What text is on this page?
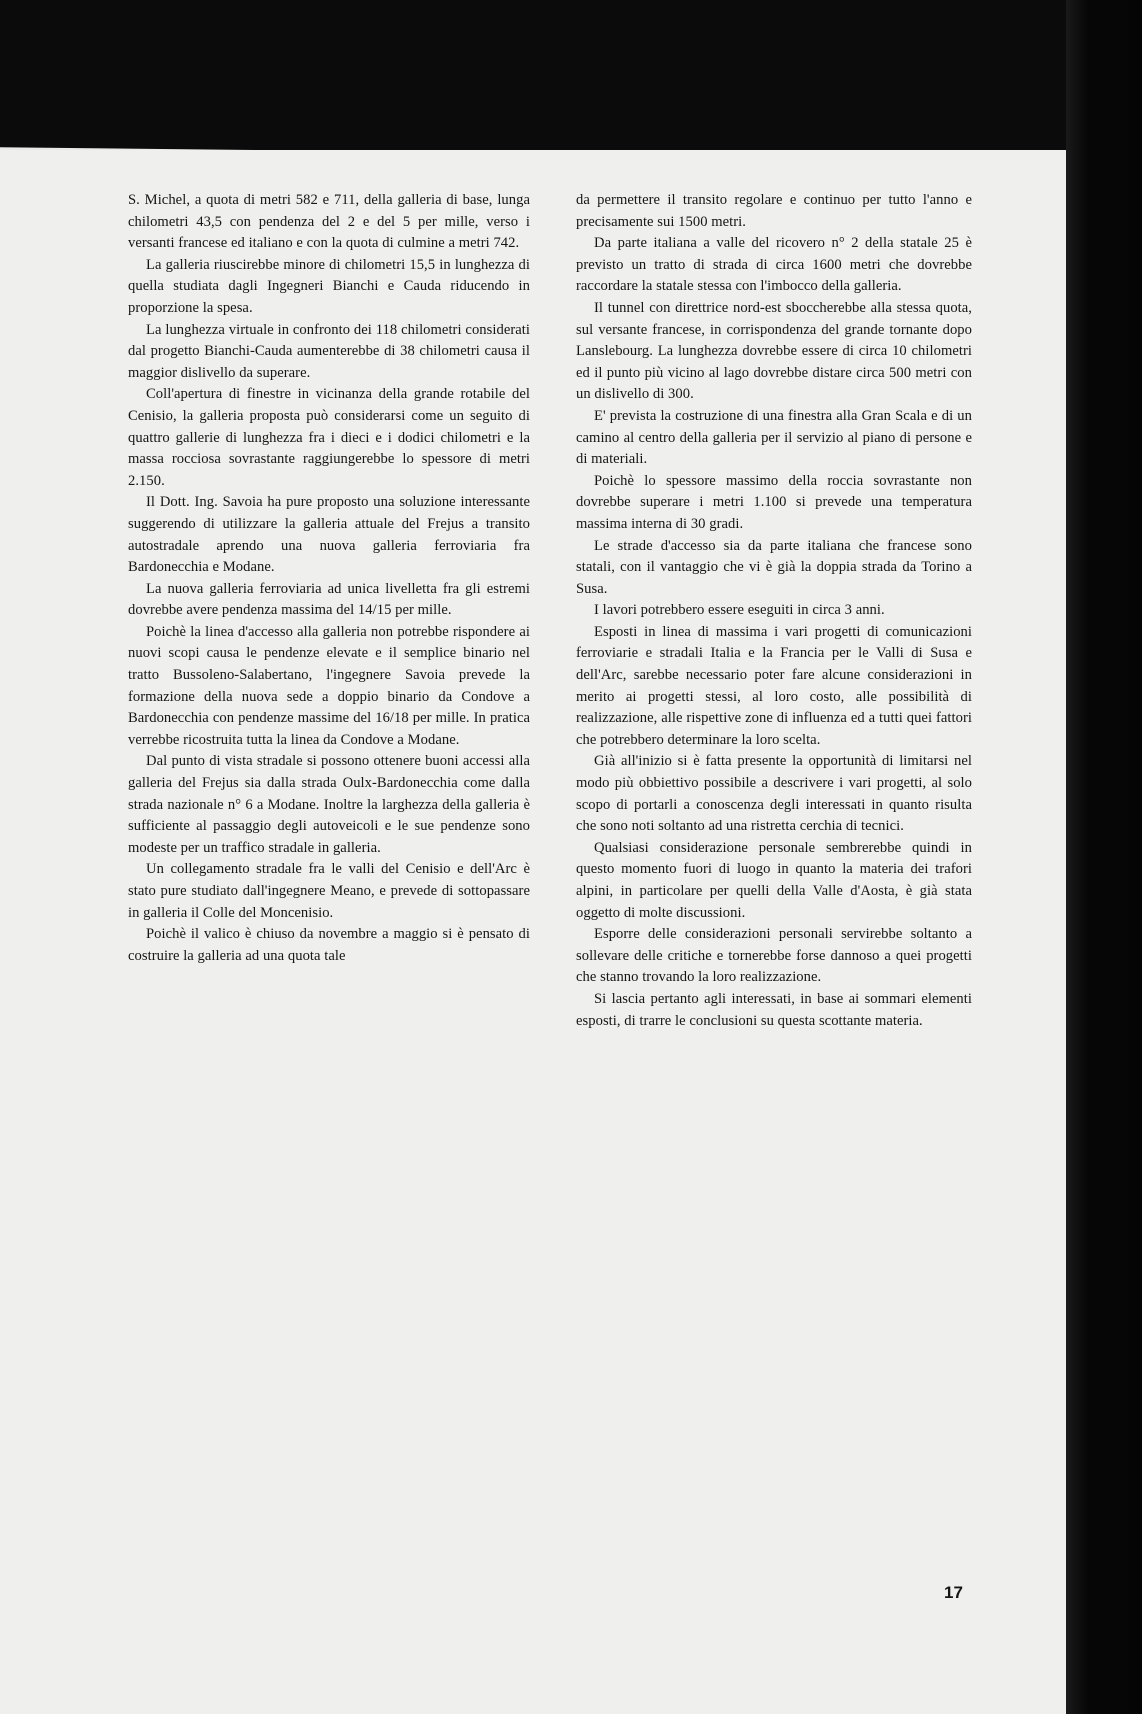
S. Michel, a quota di metri 582 e 711, della galleria di base, lunga chilometri 43,5 con pendenza del 2 e del 5 per mille, verso i versanti francese ed italiano e con la quota di culmine a metri 742.

La galleria riuscirebbe minore di chilometri 15,5 in lunghezza di quella studiata dagli Ingegneri Bianchi e Cauda riducendo in proporzione la spesa.

La lunghezza virtuale in confronto dei 118 chilometri considerati dal progetto Bianchi-Cauda aumenterebbe di 38 chilometri causa il maggior dislivello da superare.

Coll'apertura di finestre in vicinanza della grande rotabile del Cenisio, la galleria proposta può considerarsi come un seguito di quattro gallerie di lunghezza fra i dieci e i dodici chilometri e la massa rocciosa sovrastante raggiungerebbe lo spessore di metri 2.150.

Il Dott. Ing. Savoia ha pure proposto una soluzione interessante suggerendo di utilizzare la galleria attuale del Frejus a transito autostradale aprendo una nuova galleria ferroviaria fra Bardonecchia e Modane.

La nuova galleria ferroviaria ad unica livelletta fra gli estremi dovrebbe avere pendenza massima del 14/15 per mille.

Poichè la linea d'accesso alla galleria non potrebbe rispondere ai nuovi scopi causa le pendenze elevate e il semplice binario nel tratto Bussoleno-Salabertano, l'ingegnere Savoia prevede la formazione della nuova sede a doppio binario da Condove a Bardonecchia con pendenze massime del 16/18 per mille. In pratica verrebbe ricostruita tutta la linea da Condove a Modane.

Dal punto di vista stradale si possono ottenere buoni accessi alla galleria del Frejus sia dalla strada Oulx-Bardonecchia come dalla strada nazionale n° 6 a Modane. Inoltre la larghezza della galleria è sufficiente al passaggio degli autoveicoli e le sue pendenze sono modeste per un traffico stradale in galleria.

Un collegamento stradale fra le valli del Cenisio e dell'Arc è stato pure studiato dall'ingegnere Meano, e prevede di sottopassare in galleria il Colle del Moncenisio.

Poichè il valico è chiuso da novembre a maggio si è pensato di costruire la galleria ad una quota tale

da permettere il transito regolare e continuo per tutto l'anno e precisamente sui 1500 metri.

Da parte italiana a valle del ricovero n° 2 della statale 25 è previsto un tratto di strada di circa 1600 metri che dovrebbe raccordare la statale stessa con l'imbocco della galleria.

Il tunnel con direttrice nord-est sboccherebbe alla stessa quota, sul versante francese, in corrispondenza del grande tornante dopo Lanslebourg. La lunghezza dovrebbe essere di circa 10 chilometri ed il punto più vicino al lago dovrebbe distare circa 500 metri con un dislivello di 300.

E' prevista la costruzione di una finestra alla Gran Scala e di un camino al centro della galleria per il servizio al piano di persone e di materiali.

Poichè lo spessore massimo della roccia sovrastante non dovrebbe superare i metri 1.100 si prevede una temperatura massima interna di 30 gradi.

Le strade d'accesso sia da parte italiana che francese sono statali, con il vantaggio che vi è già la doppia strada da Torino a Susa.

I lavori potrebbero essere eseguiti in circa 3 anni.

Esposti in linea di massima i vari progetti di comunicazioni ferroviarie e stradali Italia e la Francia per le Valli di Susa e dell'Arc, sarebbe necessario poter fare alcune considerazioni in merito ai progetti stessi, al loro costo, alle possibilità di realizzazione, alle rispettive zone di influenza ed a tutti quei fattori che potrebbero determinare la loro scelta.

Già all'inizio si è fatta presente la opportunità di limitarsi nel modo più obbiettivo possibile a descrivere i vari progetti, al solo scopo di portarli a conoscenza degli interessati in quanto risulta che sono noti soltanto ad una ristretta cerchia di tecnici.

Qualsiasi considerazione personale sembrerebbe quindi in questo momento fuori di luogo in quanto la materia dei trafori alpini, in particolare per quelli della Valle d'Aosta, è già stata oggetto di molte discussioni.

Esporre delle considerazioni personali servirebbe soltanto a sollevare delle critiche e tornerebbe forse dannoso a quei progetti che stanno trovando la loro realizzazione.

Si lascia pertanto agli interessati, in base ai sommari elementi esposti, di trarre le conclusioni su questa scottante materia.

17
